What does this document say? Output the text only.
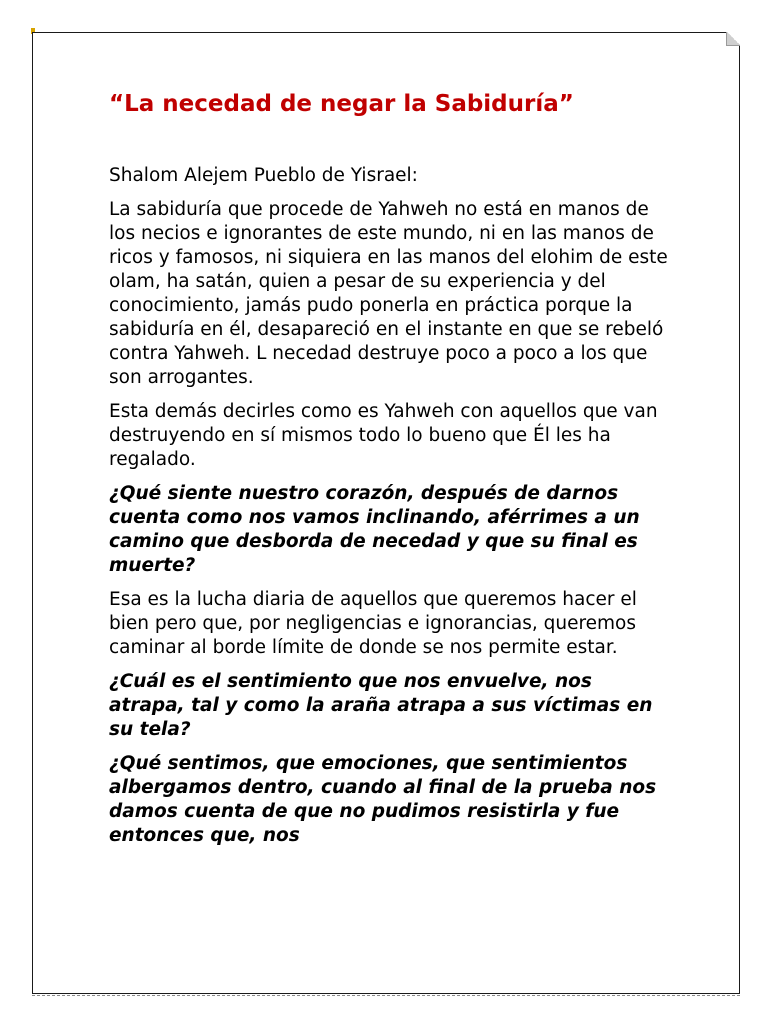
“La necedad de negar la Sabiduría”

Shalom Alejem Pueblo de Yisrael:

La sabiduría que procede de Yahweh no está en manos de los necios e ignorantes de este mundo, ni en las manos de ricos y famosos, ni siquiera en las manos del elohim de este olam, ha satán, quien a pesar de su experiencia y del conocimiento, jamás pudo ponerla en práctica porque la sabiduría en él, desapareció en el instante en que se rebeló contra Yahweh. L necedad destruye poco a poco a los que son arrogantes.

Esta demás decirles como es Yahweh con aquellos que van destruyendo en sí mismos todo lo bueno que Él les ha regalado.

¿Qué siente nuestro corazón, después de darnos cuenta como nos vamos inclinando, aférrimes a un camino que desborda de necedad y que su final es muerte?

Esa es la lucha diaria de aquellos que queremos hacer el bien pero que, por negligencias e ignorancias, queremos caminar al borde límite de donde se nos permite estar.

¿Cuál es el sentimiento que nos envuelve, nos atrapa, tal y como la araña atrapa a sus víctimas en su tela?

¿Qué sentimos, que emociones, que sentimientos albergamos dentro, cuando al final de la prueba nos damos cuenta de que no pudimos resistirla y fue entonces que, nos
